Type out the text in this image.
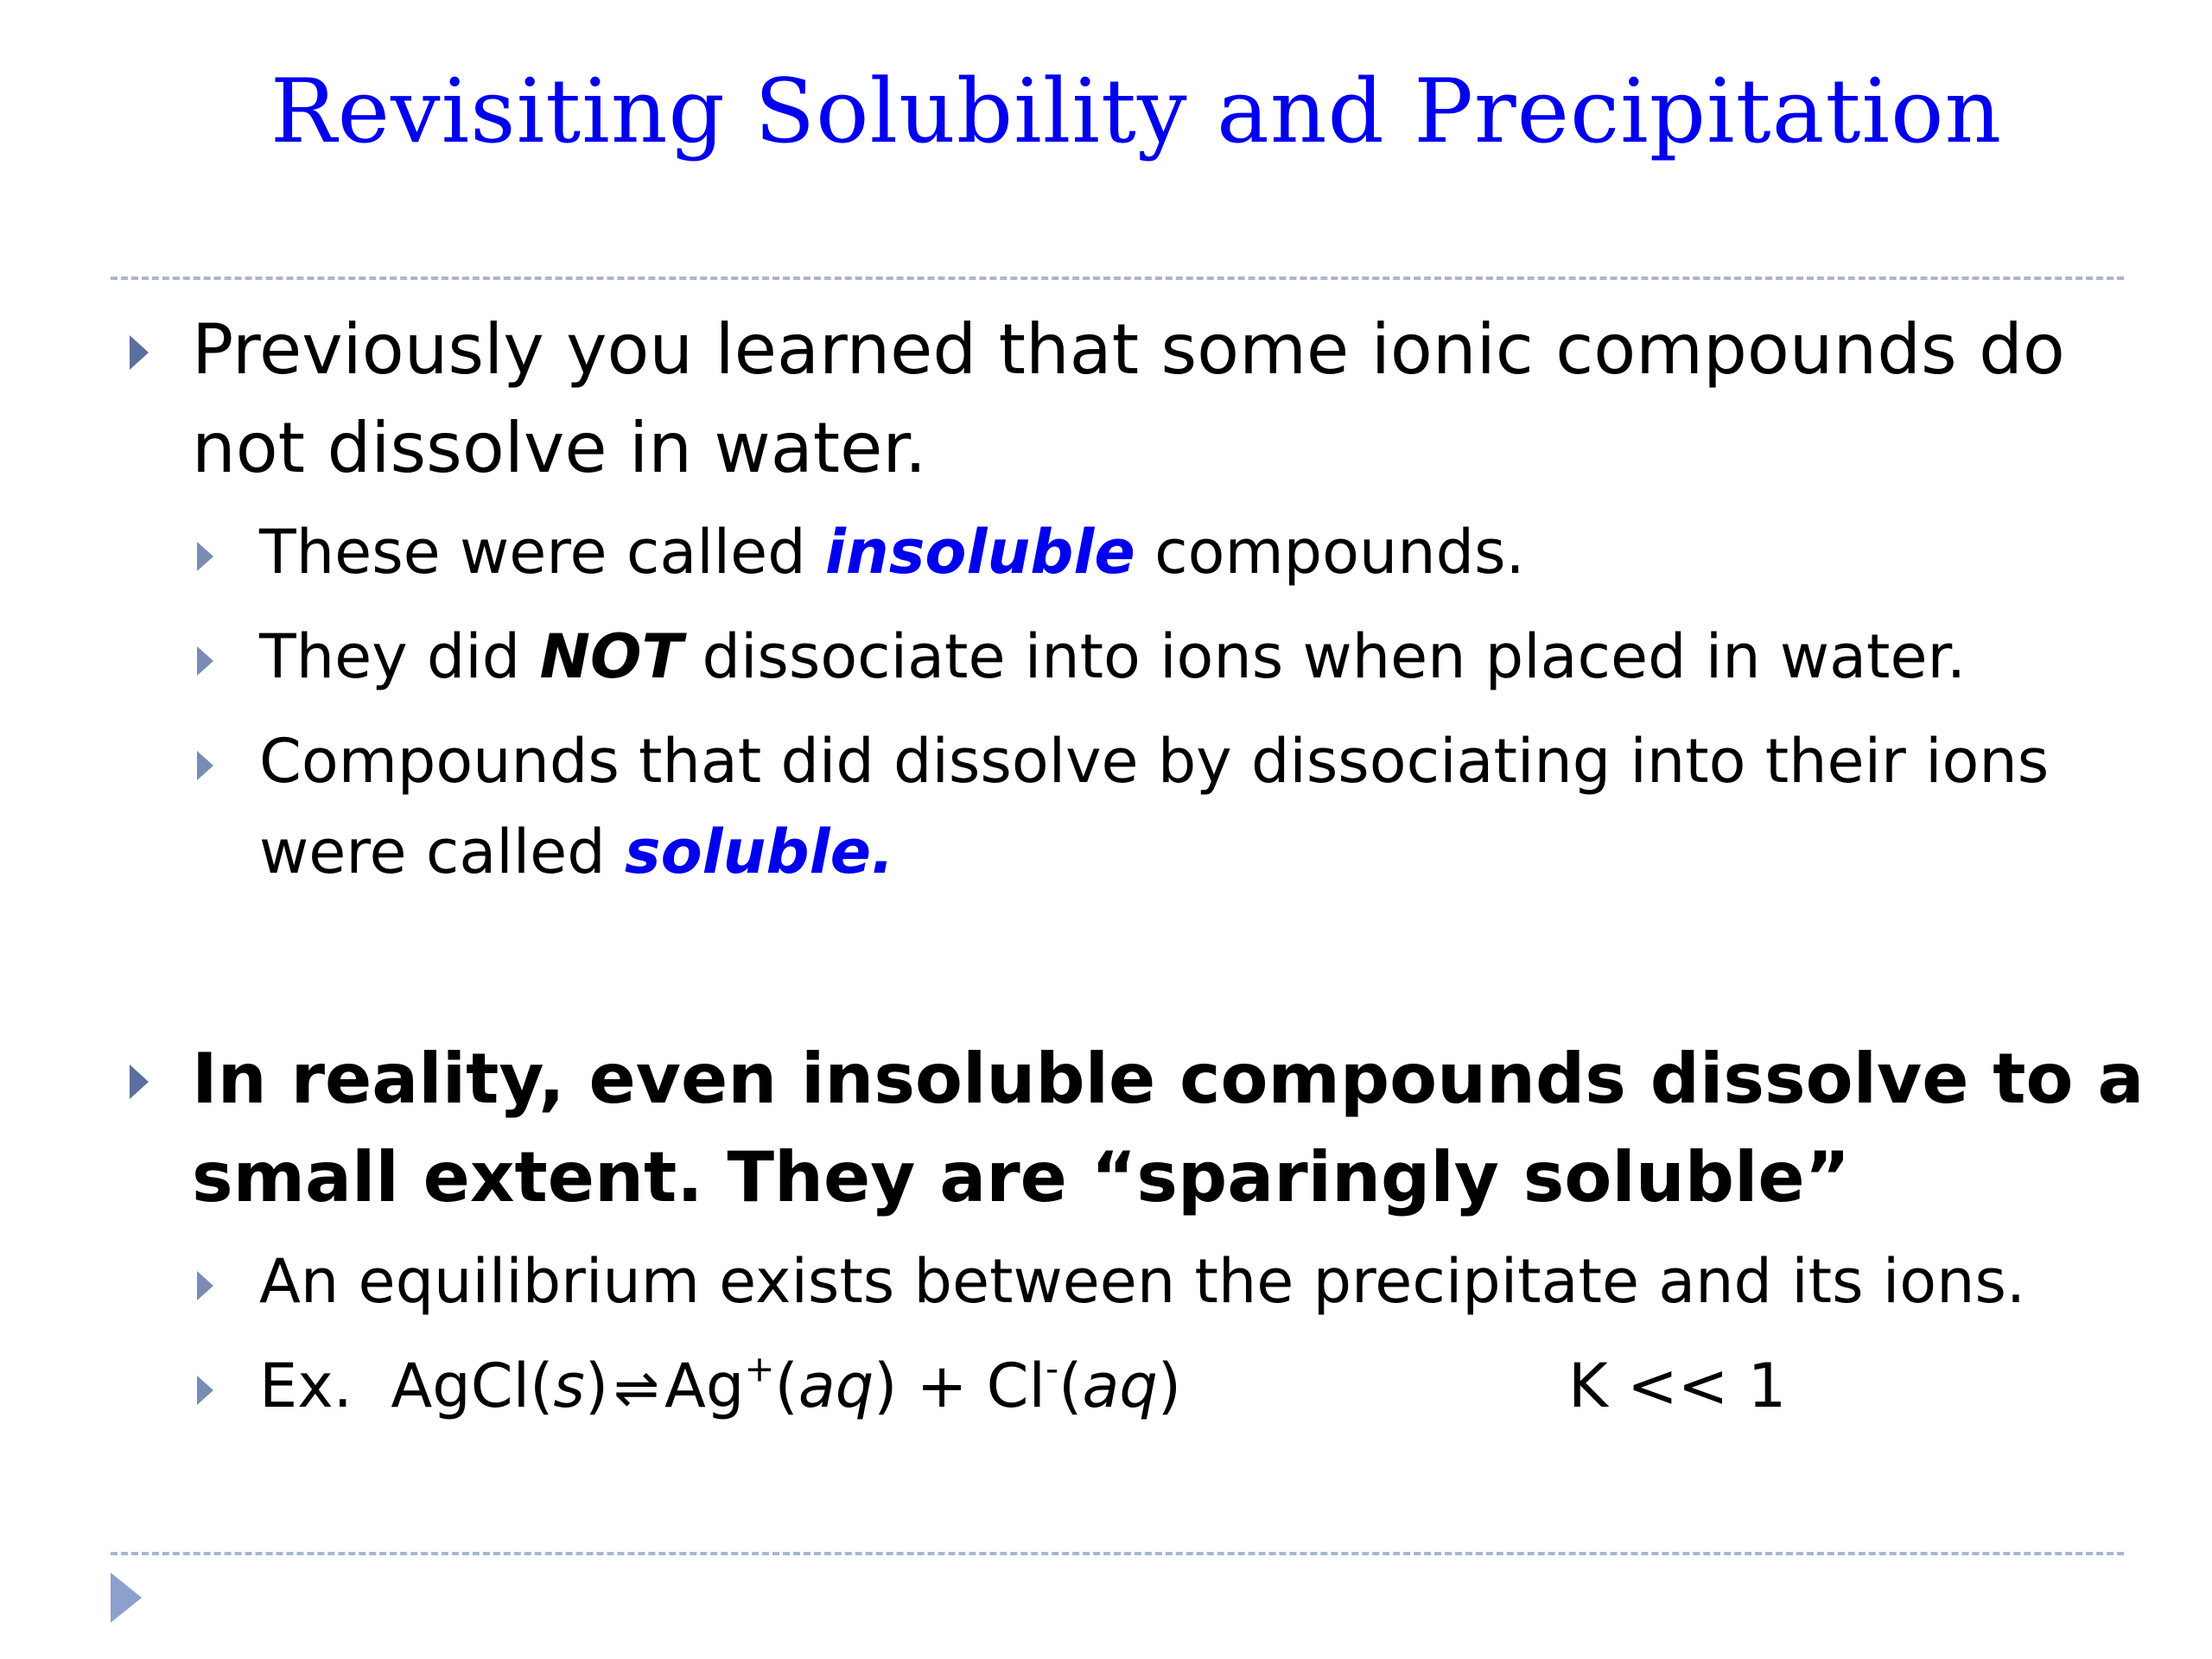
Revisiting Solubility and Precipitation
Previously you learned that some ionic compounds do
not dissolve in water.
These were called insoluble compounds.
They did NOT dissociate into ions when placed in water.
Compounds that did dissolve by dissociating into their ions
were called soluble.
In reality, even insoluble compounds dissolve to a
small extent. They are “sparingly soluble”
An equilibrium exists between the precipitate and its ions.
Ex. AgCl(s)⇌Ag+(aq) + Cl-(aq)	K << 1
